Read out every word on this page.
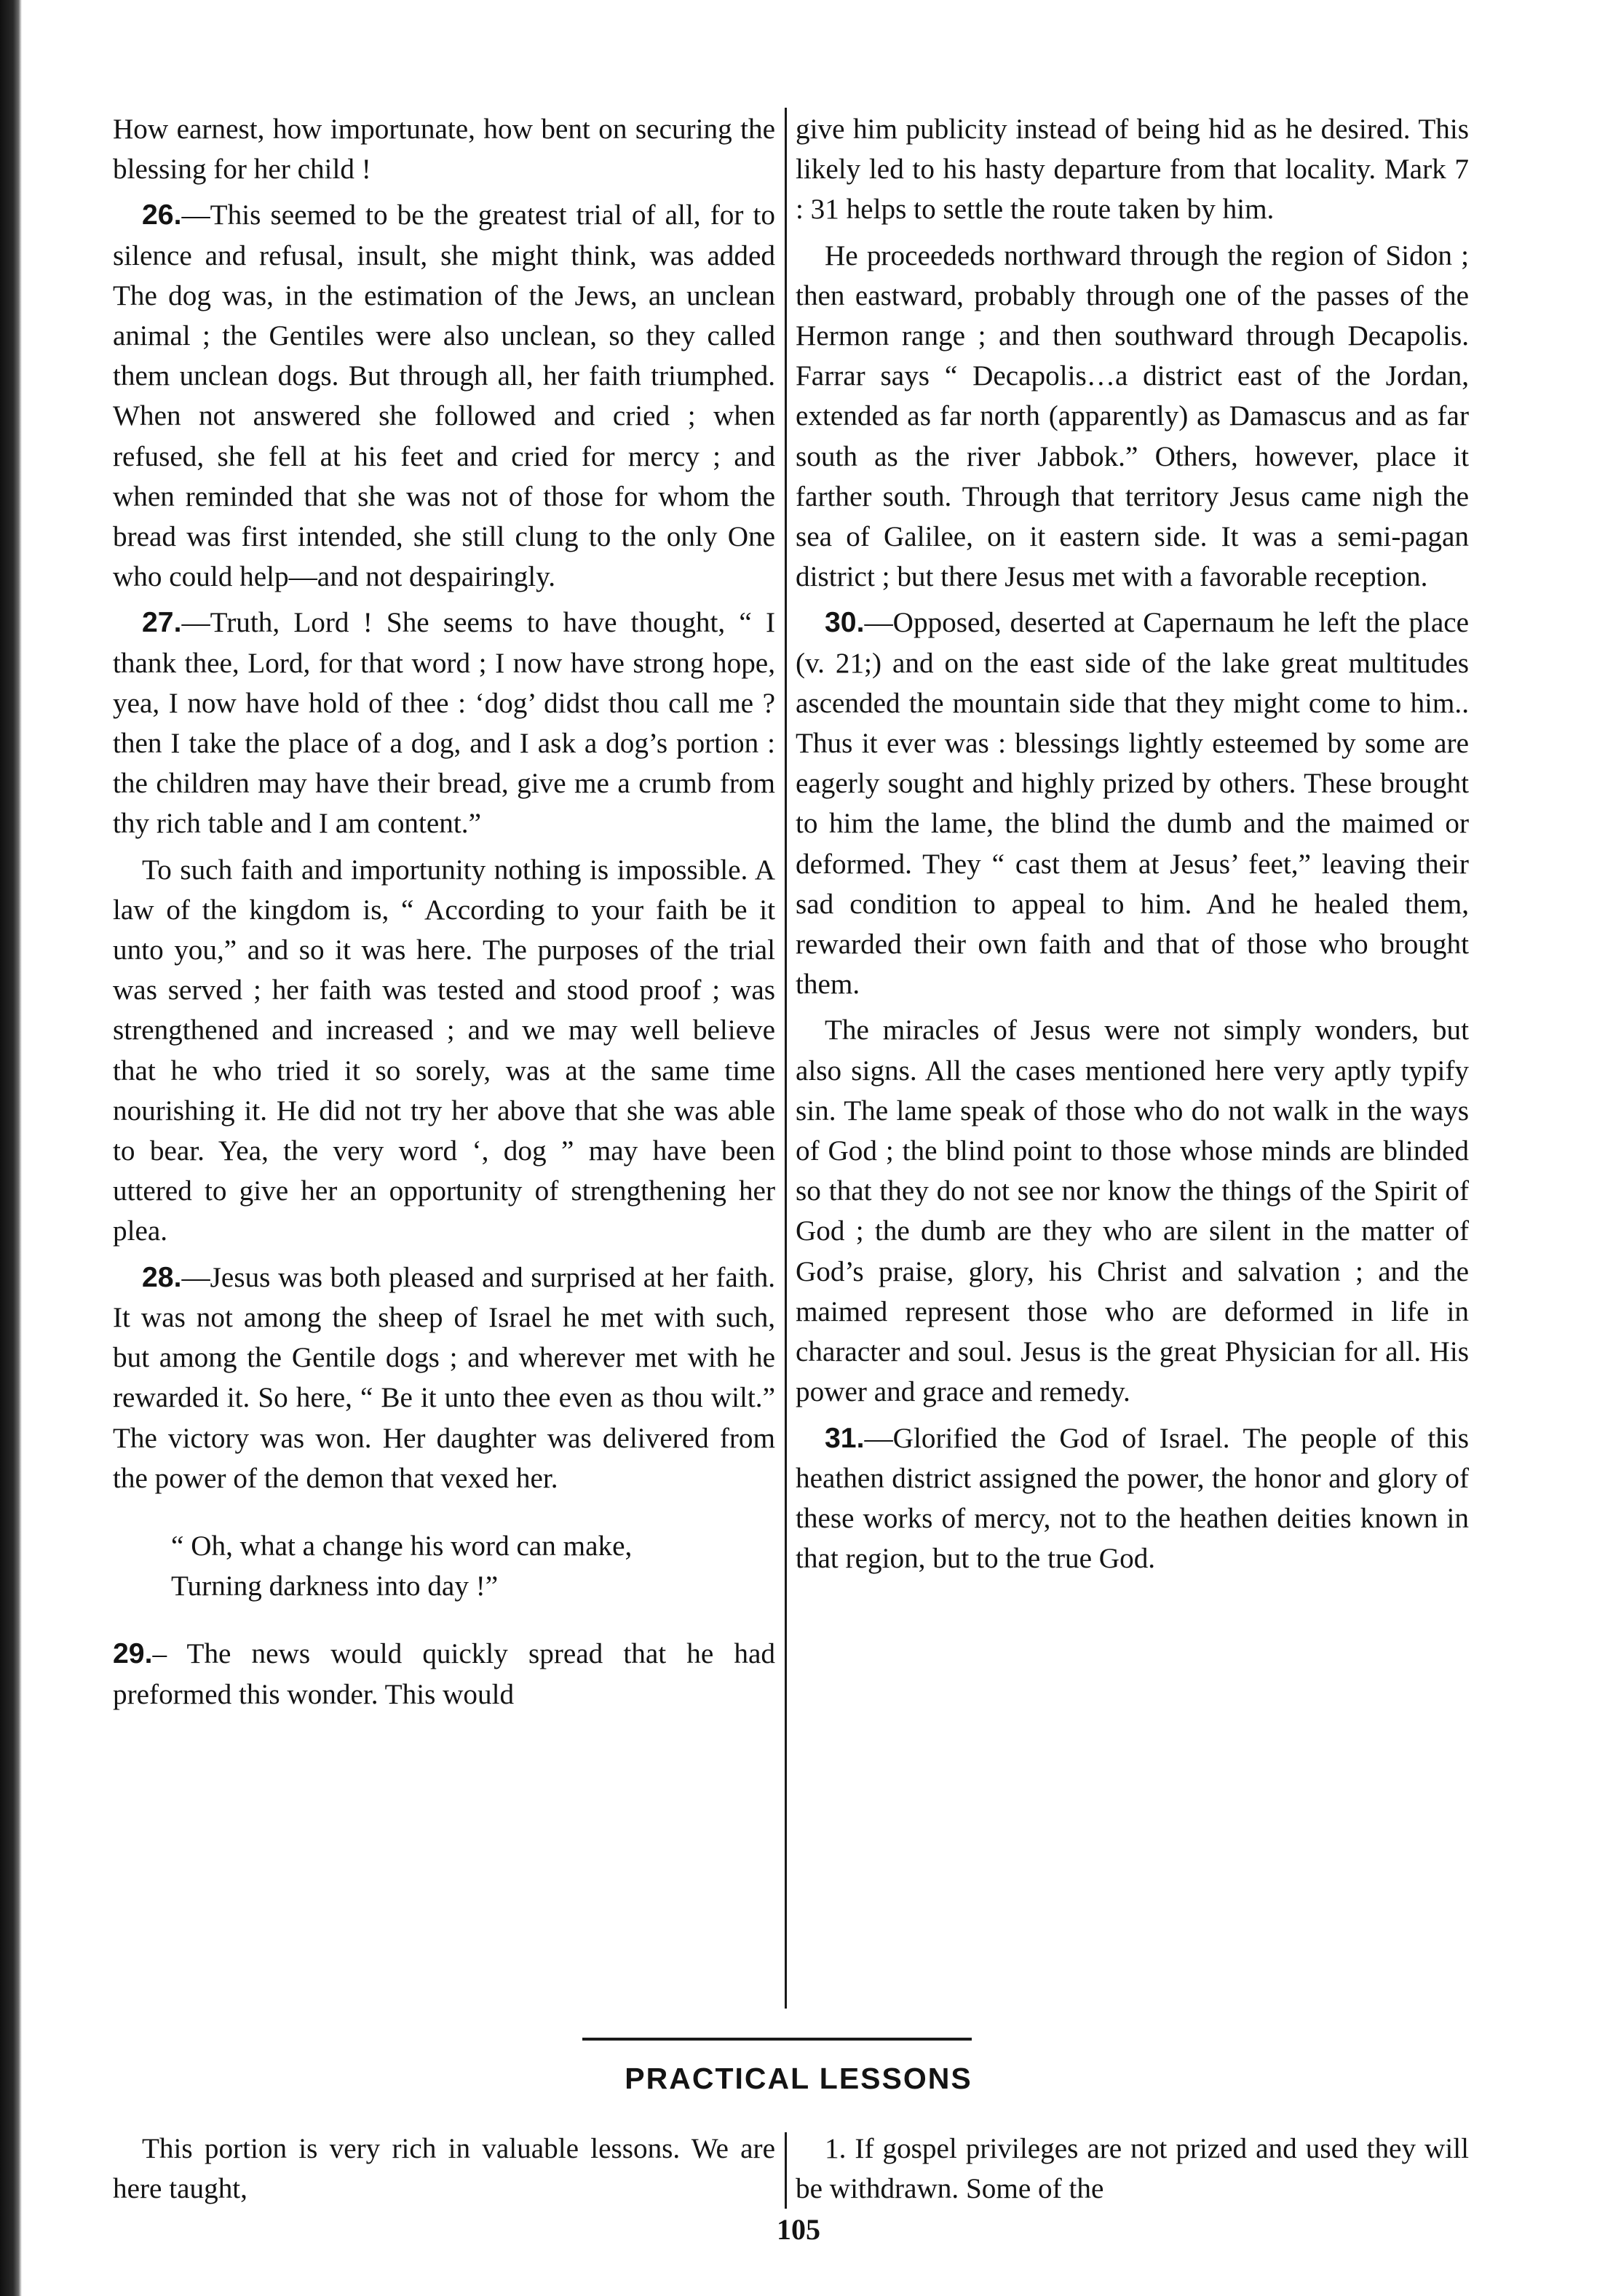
How earnest, how importunate, how bent on securing the blessing for her child !

26.—This seemed to be the greatest trial of all, for to silence and refusal, insult, she might think, was added The dog was, in the estimation of the Jews, an unclean animal ; the Gentiles were also unclean, so they called them unclean dogs. But through all, her faith triumphed. When not answered she followed and cried ; when refused, she fell at his feet and cried for mercy ; and when reminded that she was not of those for whom the bread was first intended, she still clung to the only One who could help—and not despairingly.

27.—Truth, Lord ! She seems to have thought, “ I thank thee, Lord, for that word ; I now have strong hope, yea, I now have hold of thee : ‘dog’ didst thou call me ? then I take the place of a dog, and I ask a dog’s portion : the children may have their bread, give me a crumb from thy rich table and I am content.”

To such faith and importunity nothing is impossible. A law of the kingdom is, “ According to your faith be it unto you,” and so it was here. The purposes of the trial was served ; her faith was tested and stood proof ; was strengthened and increased ; and we may well believe that he who tried it so sorely, was at the same time nourishing it. He did not try her above that she was able to bear. Yea, the very word ‘, dog ” may have been uttered to give her an opportunity of strengthening her plea.

28.—Jesus was both pleased and surprised at her faith. It was not among the sheep of Israel he met with such, but among the Gentile dogs ; and wherever met with he rewarded it. So here, “ Be it unto thee even as thou wilt.” The victory was won. Her daughter was delivered from the power of the demon that vexed her.

“ Oh, what a change his word can make,
Turning darkness into day !”

29.– The news would quickly spread that he had preformed this wonder. This would

give him publicity instead of being hid as he desired. This likely led to his hasty departure from that locality. Mark 7 : 31 helps to settle the route taken by him.

He proceededs northward through the region of Sidon ; then eastward, probably through one of the passes of the Hermon range ; and then southward through Decapolis. Farrar says “ Decapolis…a district east of the Jordan, extended as far north (apparently) as Damascus and as far south as the river Jabbok.” Others, however, place it farther south. Through that territory Jesus came nigh the sea of Galilee, on it eastern side. It was a semi-pagan district ; but there Jesus met with a favorable reception.

30.—Opposed, deserted at Capernaum he left the place (v. 21;) and on the east side of the lake great multitudes ascended the mountain side that they might come to him.. Thus it ever was : blessings lightly esteemed by some are eagerly sought and highly prized by others. These brought to him the lame, the blind the dumb and the maimed or deformed. They “ cast them at Jesus’ feet,” leaving their sad condition to appeal to him. And he healed them, rewarded their own faith and that of those who brought them.

The miracles of Jesus were not simply wonders, but also signs. All the cases mentioned here very aptly typify sin. The lame speak of those who do not walk in the ways of God ; the blind point to those whose minds are blinded so that they do not see nor know the things of the Spirit of God ; the dumb are they who are silent in the matter of God’s praise, glory, his Christ and salvation ; and the maimed represent those who are deformed in life in character and soul. Jesus is the great Physician for all. His power and grace and remedy.

31.—Glorified the God of Israel. The people of this heathen district assigned the power, the honor and glory of these works of mercy, not to the heathen deities known in that region, but to the true God.

PRACTICAL LESSONS

This portion is very rich in valuable lessons. We are here taught,

1. If gospel privileges are not prized and used they will be withdrawn. Some of the

105
